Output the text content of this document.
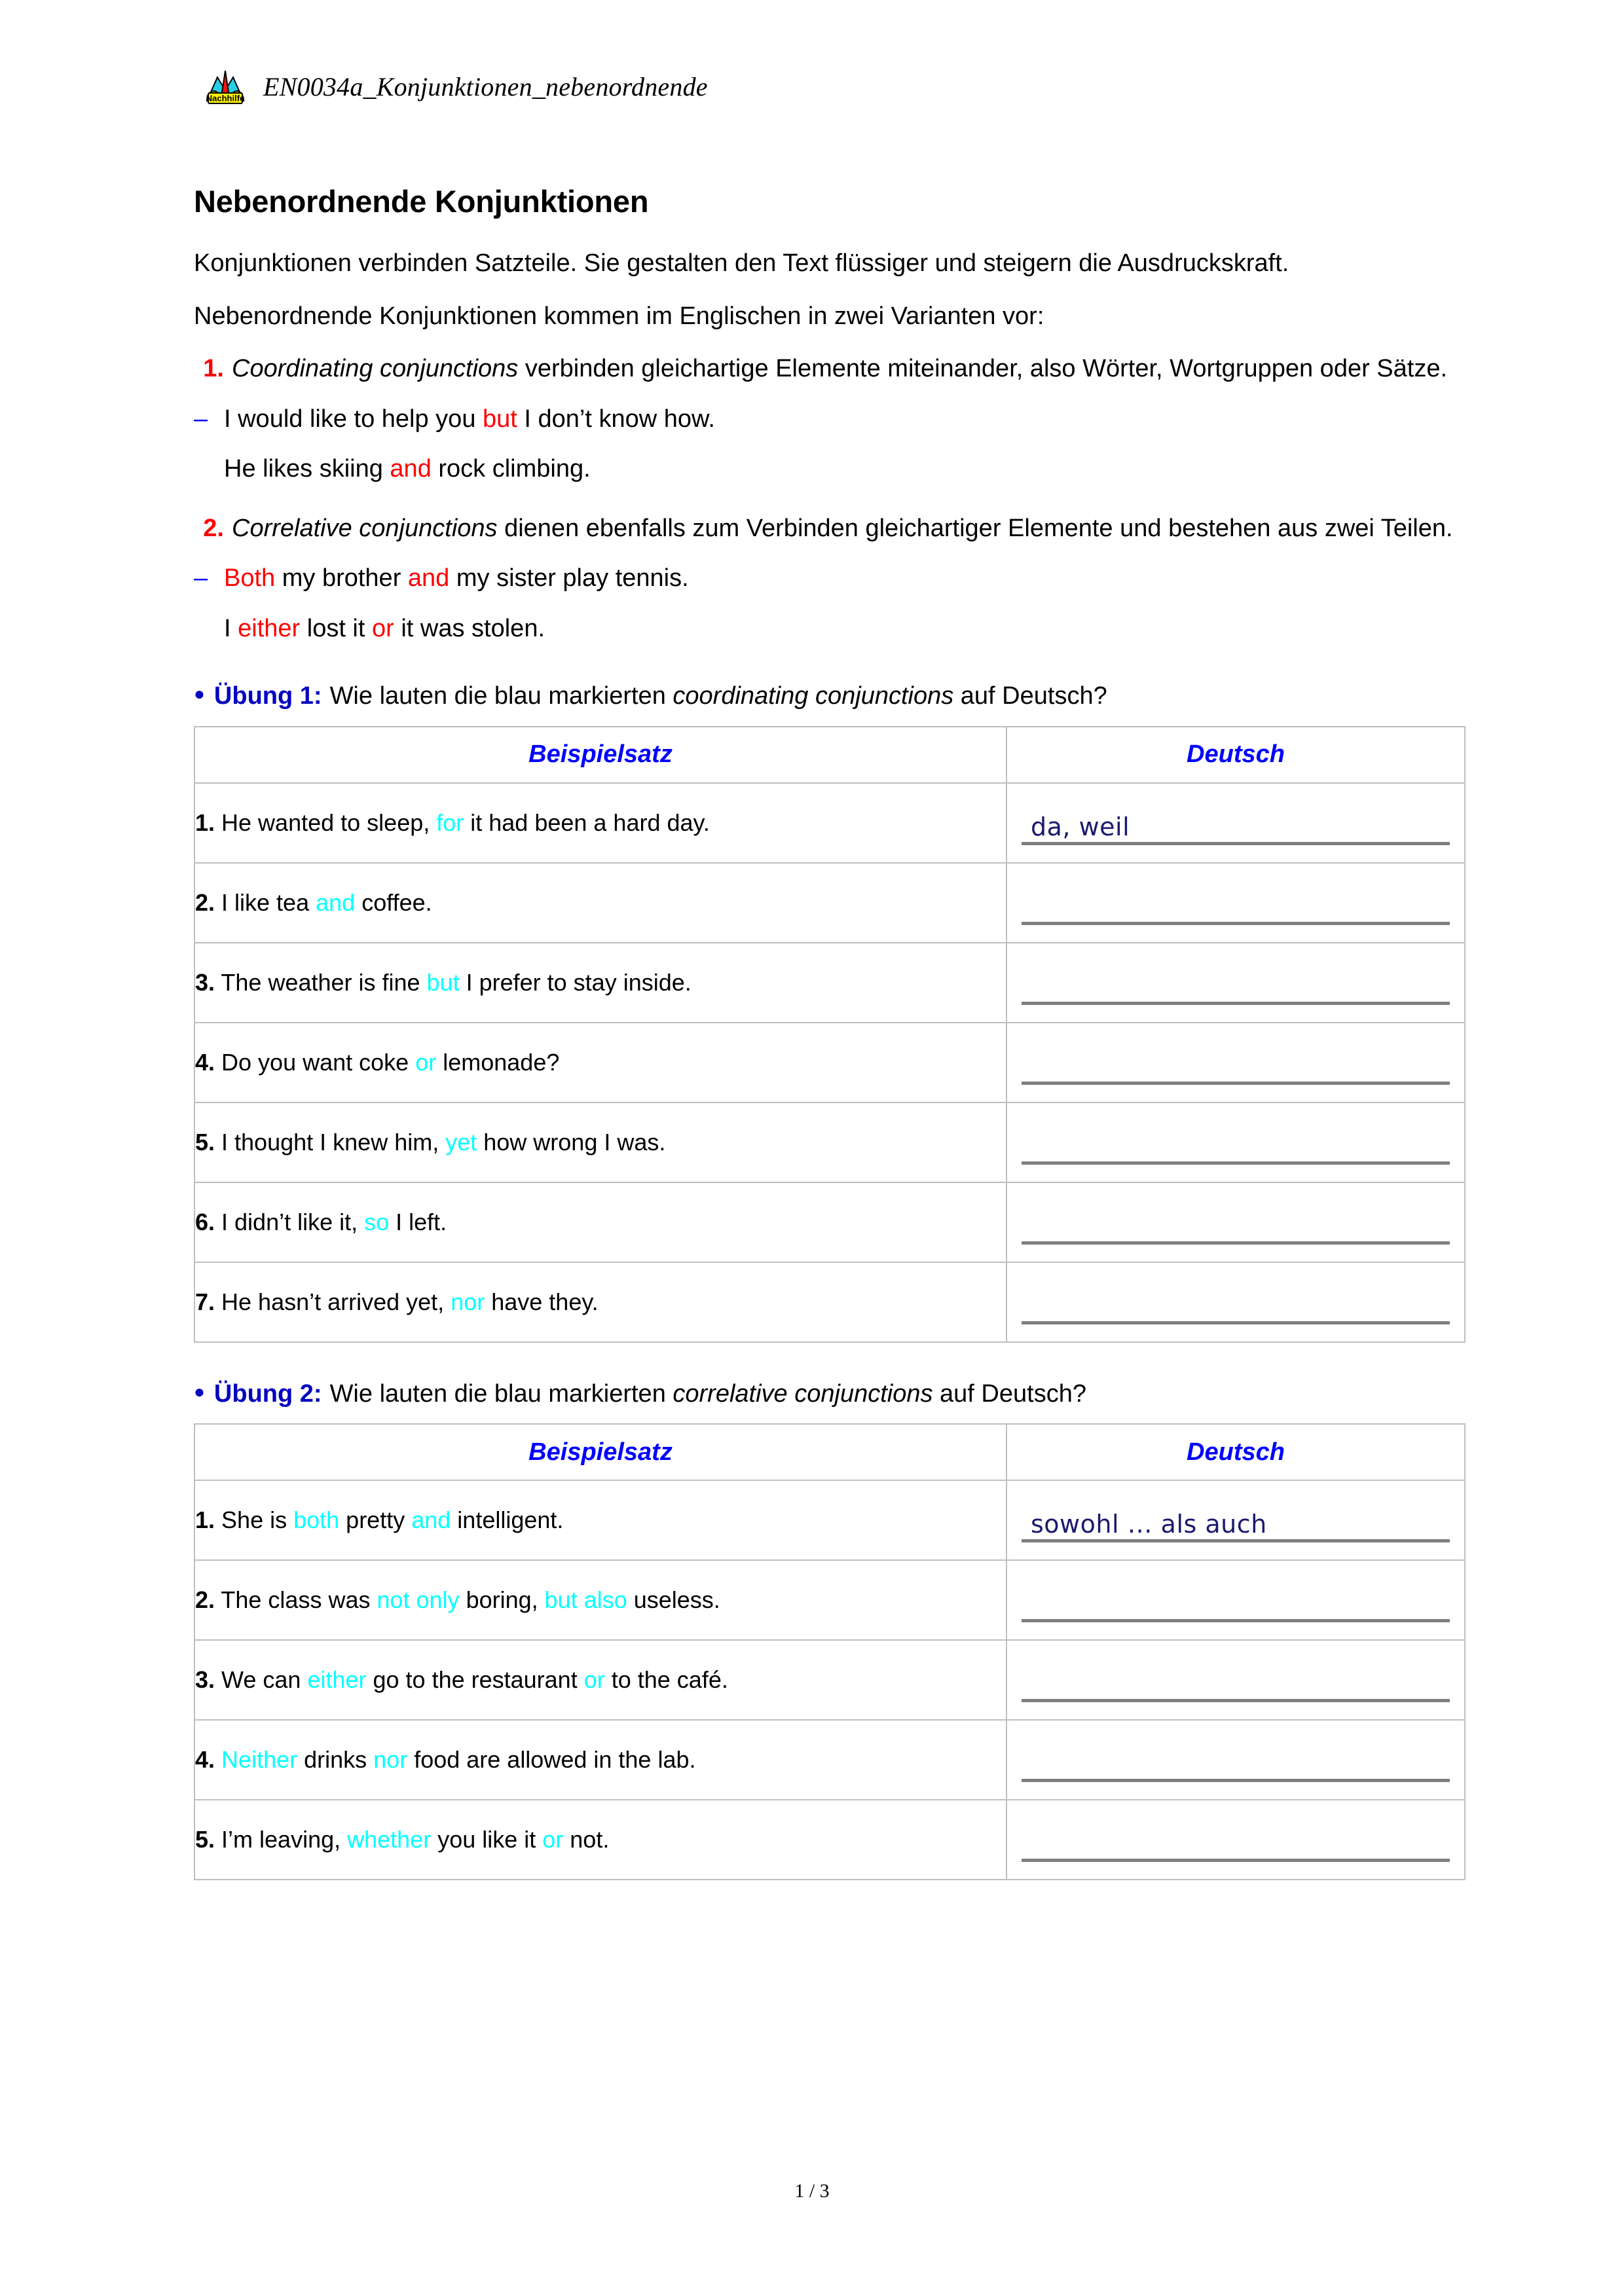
Nachhilfe EN0034a_Konjunktionen_nebenordnende
Nebenordnende Konjunktionen

Konjunktionen verbinden Satzteile. Sie gestalten den Text flüssiger und steigern die Ausdruckskraft.

Nebenordnende Konjunktionen kommen im Englischen in zwei Varianten vor:

1. Coordinating conjunctions verbinden gleichartige Elemente miteinander, also Wörter, Wortgruppen oder Sätze.
– I would like to help you but I don’t know how.
He likes skiing and rock climbing.
2. Correlative conjunctions dienen ebenfalls zum Verbinden gleichartiger Elemente und bestehen aus zwei Teilen.
– Both my brother and my sister play tennis.
I either lost it or it was stolen.
● Übung 1: Wie lauten die blau markierten coordinating conjunctions auf Deutsch?
Beispielsatz	Deutsch
1. He wanted to sleep, for it had been a hard day.	da, weil

2. I like tea and coffee.	

3. The weather is fine but I prefer to stay inside.	

4. Do you want coke or lemonade?	

5. I thought I knew him, yet how wrong I was.	

6. I didn’t like it, so I left.	

7. He hasn’t arrived yet, nor have they.	
● Übung 2: Wie lauten die blau markierten correlative conjunctions auf Deutsch?
Beispielsatz	Deutsch
1. She is both pretty and intelligent.	sowohl … als auch

2. The class was not only boring, but also useless.	

3. We can either go to the restaurant or to the café.	

4. Neither drinks nor food are allowed in the lab.	

5. I’m leaving, whether you like it or not.	
1 / 3
